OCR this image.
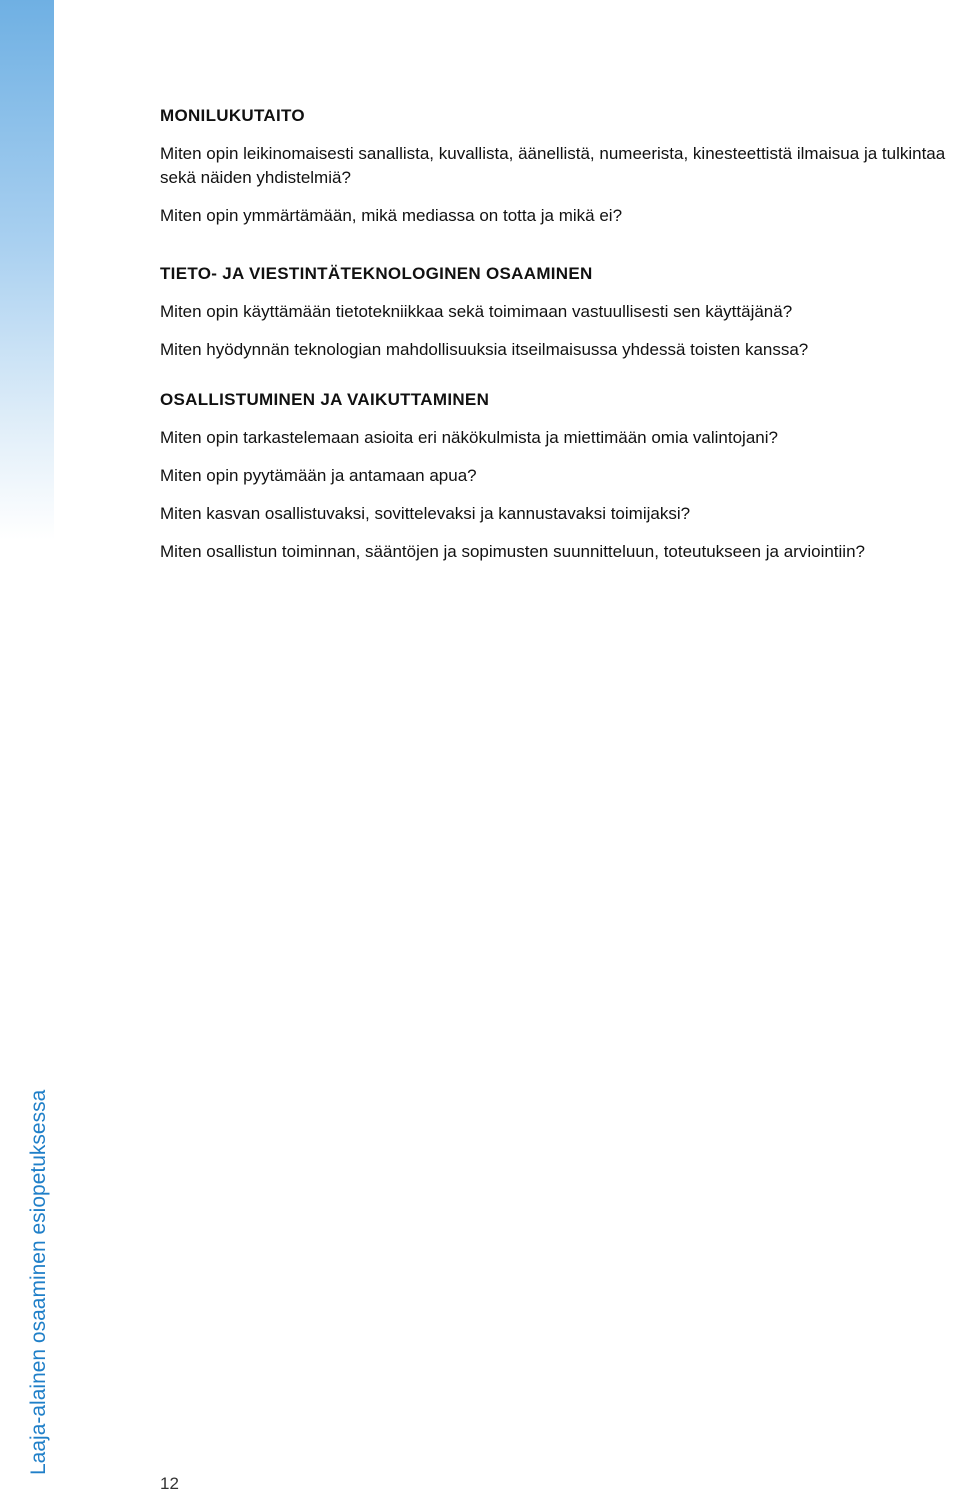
Laaja-alainen osaaminen esiopetuksessa
MONILUKUTAITO

Miten opin leikinomaisesti sanallista, kuvallista, äänellistä, numeerista, kinesteettistä ilmaisua ja tulkintaa sekä näiden yhdistelmiä?

Miten opin ymmärtämään, mikä mediassa on totta ja mikä ei?

TIETO- JA VIESTINTÄTEKNOLOGINEN OSAAMINEN

Miten opin käyttämään tietotekniikkaa sekä toimimaan vastuullisesti sen käyttäjänä?

Miten hyödynnän teknologian mahdollisuuksia itseilmaisussa yhdessä toisten kanssa?

OSALLISTUMINEN JA VAIKUTTAMINEN

Miten opin tarkastelemaan asioita eri näkökulmista ja miettimään omia valintojani?

Miten opin pyytämään ja antamaan apua?

Miten kasvan osallistuvaksi, sovittelevaksi ja kannustavaksi toimijaksi?

Miten osallistun toiminnan, sääntöjen ja sopimusten suunnitteluun, toteutukseen ja arviointiin?

12
